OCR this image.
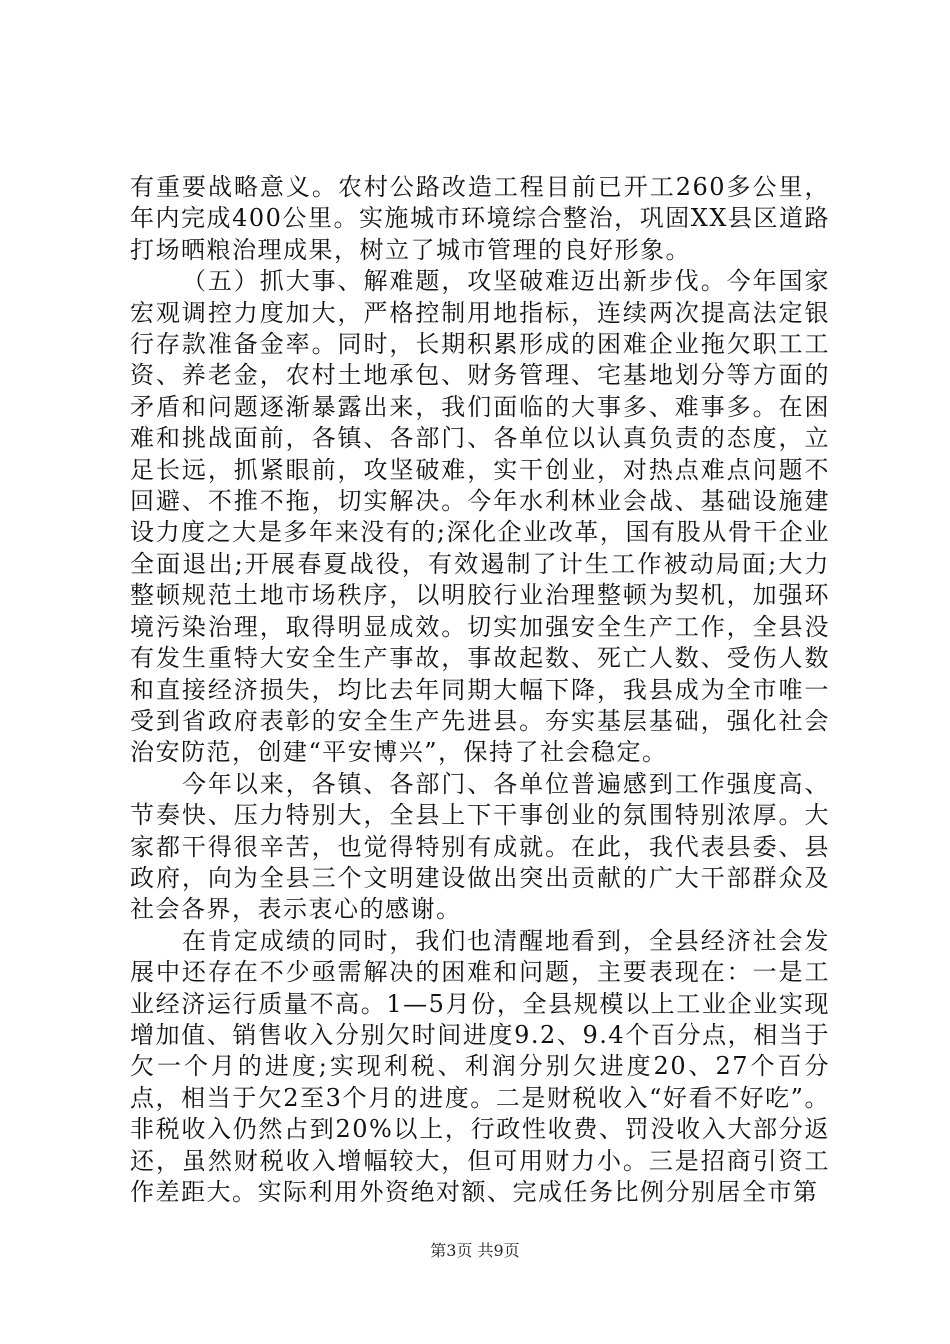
有重要战略意义。农村公路改造工程目前已开工260多公里，年内完成400公里。实施城市环境综合整治，巩固XX县区道路打场晒粮治理成果，树立了城市管理的良好形象。

（五）抓大事、解难题，攻坚破难迈出新步伐。今年国家宏观调控力度加大，严格控制用地指标，连续两次提高法定银行存款准备金率。同时，长期积累形成的困难企业拖欠职工工资、养老金，农村土地承包、财务管理、宅基地划分等方面的矛盾和问题逐渐暴露出来，我们面临的大事多、难事多。在困难和挑战面前，各镇、各部门、各单位以认真负责的态度，立足长远，抓紧眼前，攻坚破难，实干创业，对热点难点问题不回避、不推不拖，切实解决。今年水利林业会战、基础设施建设力度之大是多年来没有的;深化企业改革，国有股从骨干企业全面退出;开展春夏战役，有效遏制了计生工作被动局面;大力整顿规范土地市场秩序，以明胶行业治理整顿为契机，加强环境污染治理，取得明显成效。切实加强安全生产工作，全县没有发生重特大安全生产事故，事故起数、死亡人数、受伤人数和直接经济损失，均比去年同期大幅下降，我县成为全市唯一受到省政府表彰的安全生产先进县。夯实基层基础，强化社会治安防范，创建“平安博兴”，保持了社会稳定。

今年以来，各镇、各部门、各单位普遍感到工作强度高、节奏快、压力特别大，全县上下干事创业的氛围特别浓厚。大家都干得很辛苦，也觉得特别有成就。在此，我代表县委、县政府，向为全县三个文明建设做出突出贡献的广大干部群众及社会各界，表示衷心的感谢。

在肯定成绩的同时，我们也清醒地看到，全县经济社会发展中还存在不少亟需解决的困难和问题，主要表现在：一是工业经济运行质量不高。1—5月份，全县规模以上工业企业实现增加值、销售收入分别欠时间进度9.2、9.4个百分点，相当于欠一个月的进度;实现利税、利润分别欠进度20、27个百分点，相当于欠2至3个月的进度。二是财税收入“好看不好吃”。非税收入仍然占到20%以上，行政性收费、罚没收入大部分返还，虽然财税收入增幅较大，但可用财力小。三是招商引资工作差距大。实际利用外资绝对额、完成任务比例分别居全市第

第3页 共9页
